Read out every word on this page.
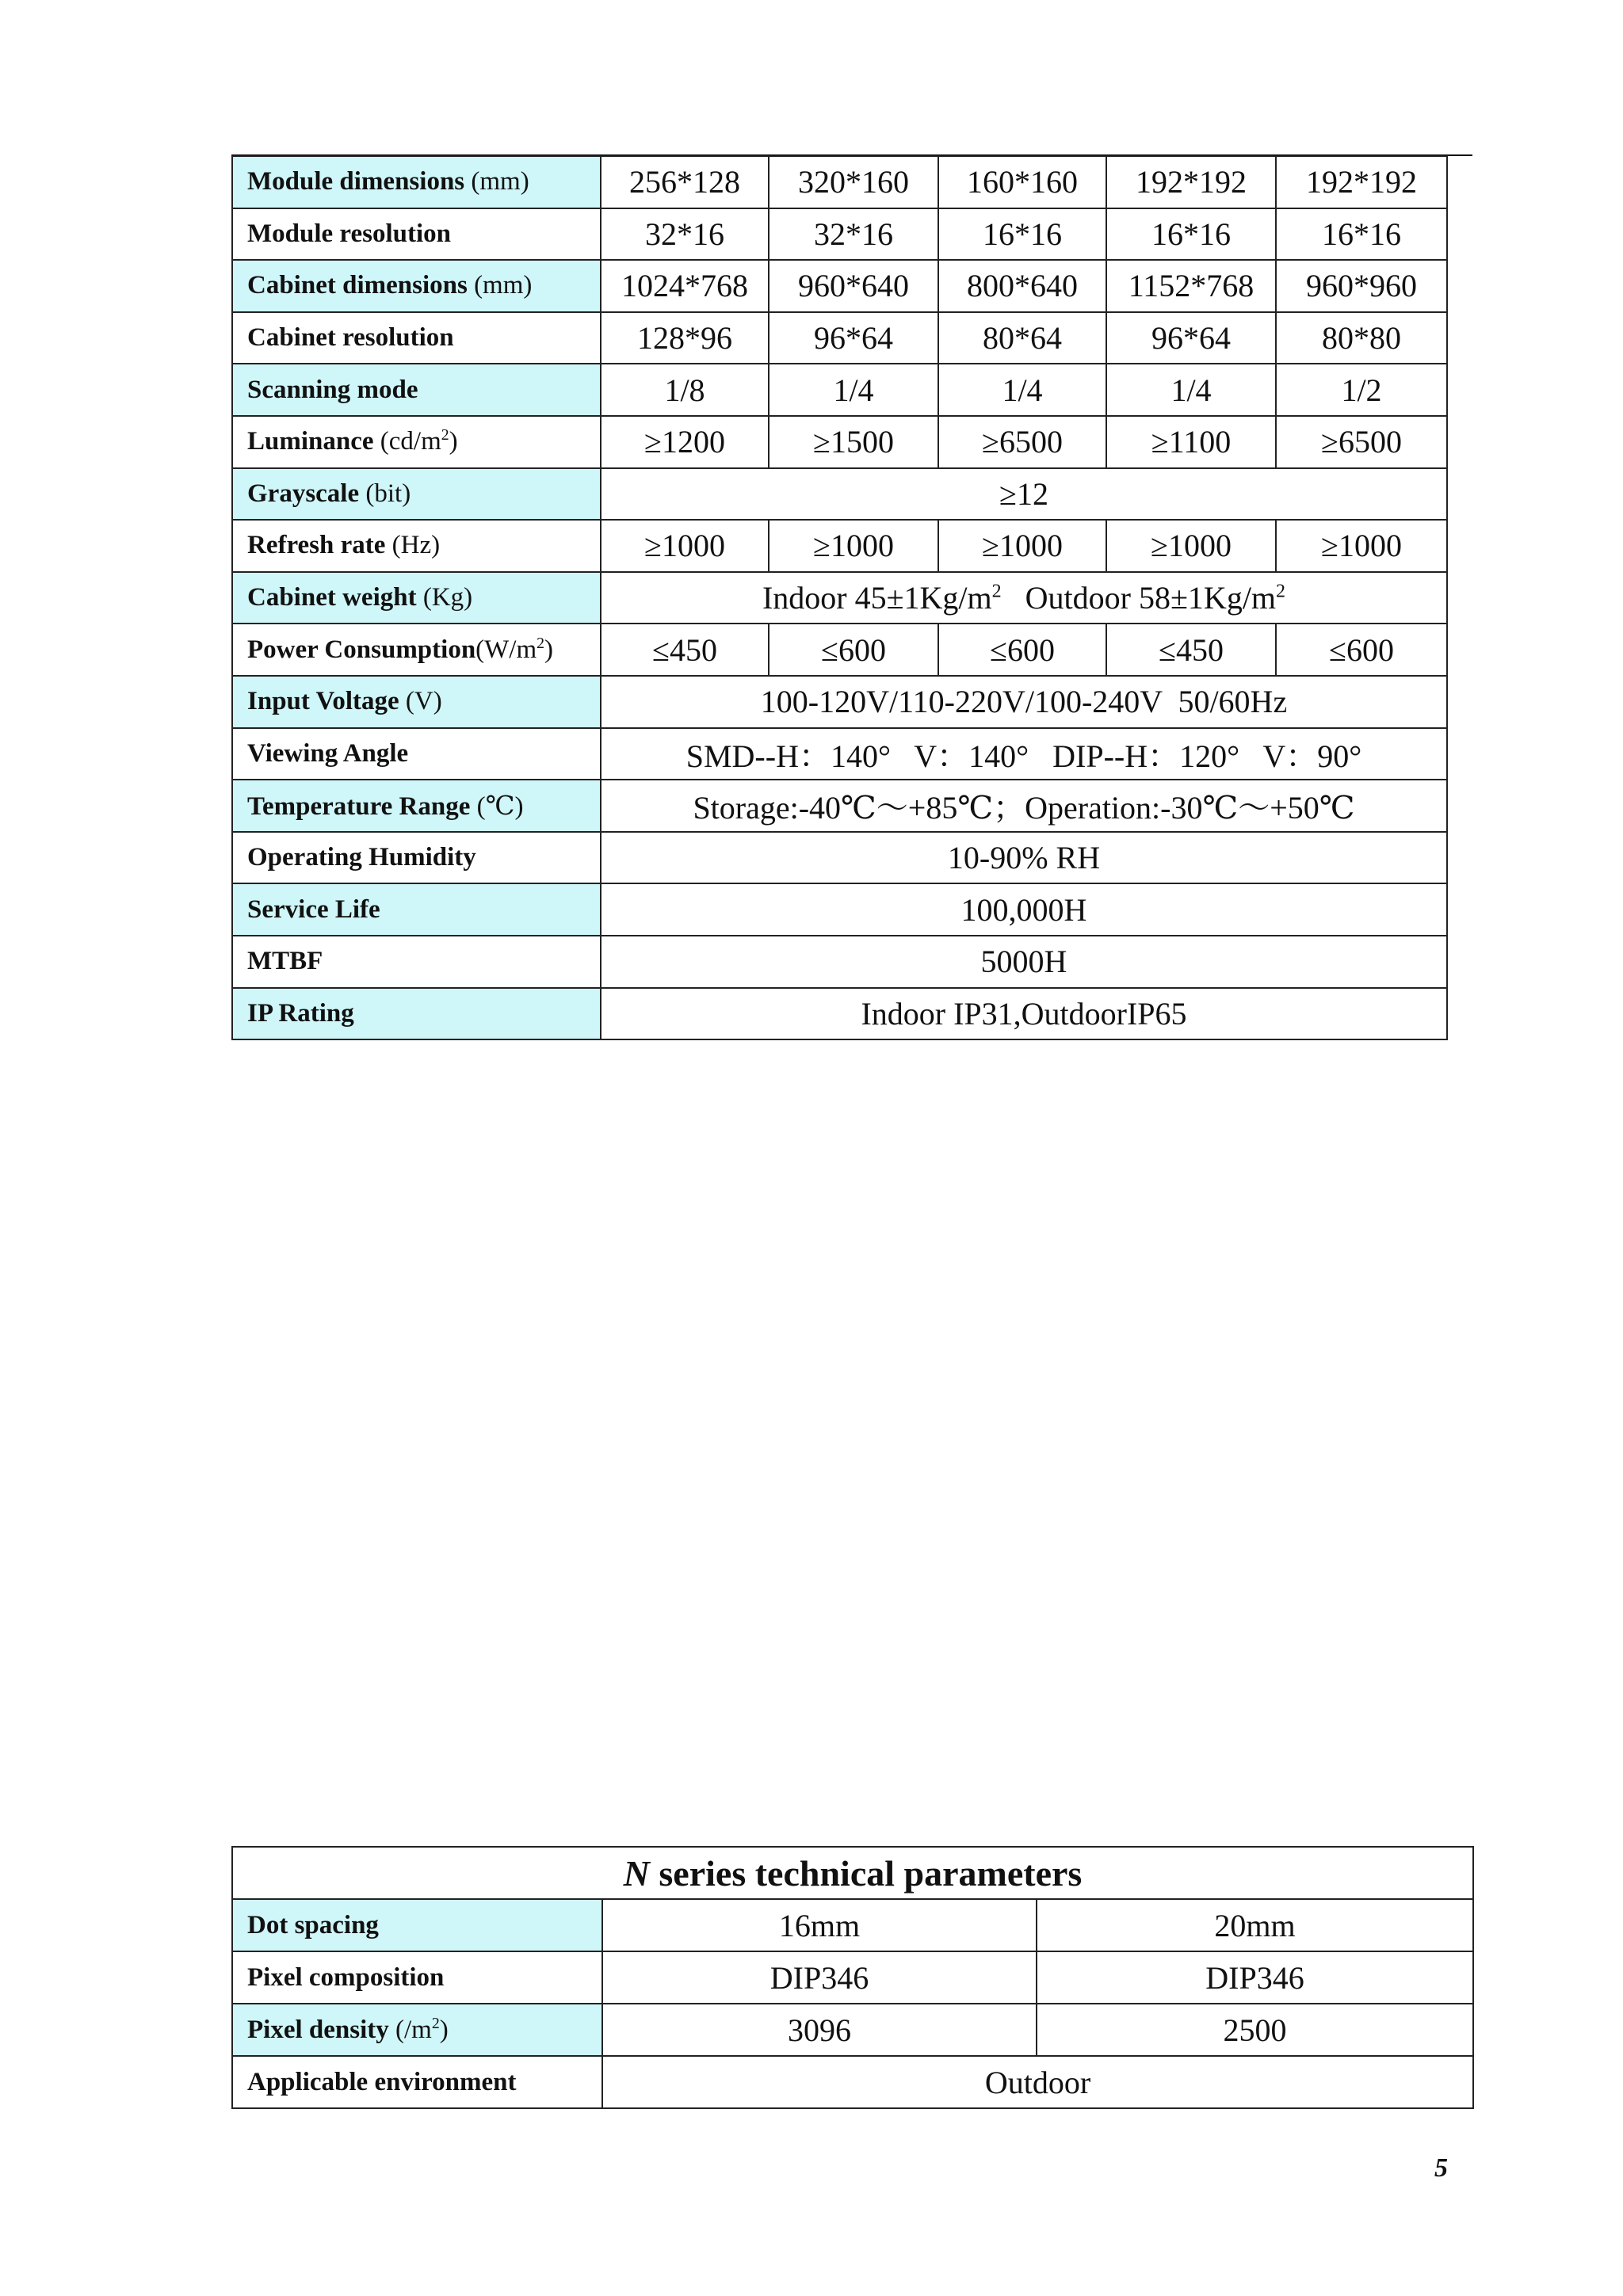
Module dimensions (mm)	256*128	320*160	160*160	192*192	192*192
Module resolution	32*16	32*16	16*16	16*16	16*16
Cabinet dimensions (mm)	1024*768	960*640	800*640	1152*768	960*960
Cabinet resolution	128*96	96*64	80*64	96*64	80*80
Scanning mode	1/8	1/4	1/4	1/4	1/2
Luminance $(cd/m^2)$	≥1200	≥1500	≥6500	≥1100	≥6500
Grayscale (bit)	≥12				
Refresh rate (Hz)	≥1000	≥1000	≥1000	≥1000	≥1000
Cabinet weight (Kg)	Indoor $45\pm 1Kg/m^2$   Outdoor $58\pm 1Kg/m^2$
Power $Consumption(W/m^2)$	≤450	≤600	≤600	≤450	≤600
Input Voltage (V)	100-120V/110-220V/100-240V  50/60Hz				
Viewing Angle	SMD--H：140°   V：140°   DIP--H：120°   V：90°				
Temperature Range (℃)	Storage:-40℃～+85℃；Operation:-30℃～+50℃				
Operating Humidity	10-90% RH				
Service Life	100,000H				
MTBF	5000H				
IP Rating	Indoor IP31,OutdoorIP65				
N series technical parameters		
Dot spacing	16mm	20mm
Pixel composition	DIP346	DIP346
Pixel density $(/m^2)$	3096	2500
Applicable environment	Outdoor	
5
